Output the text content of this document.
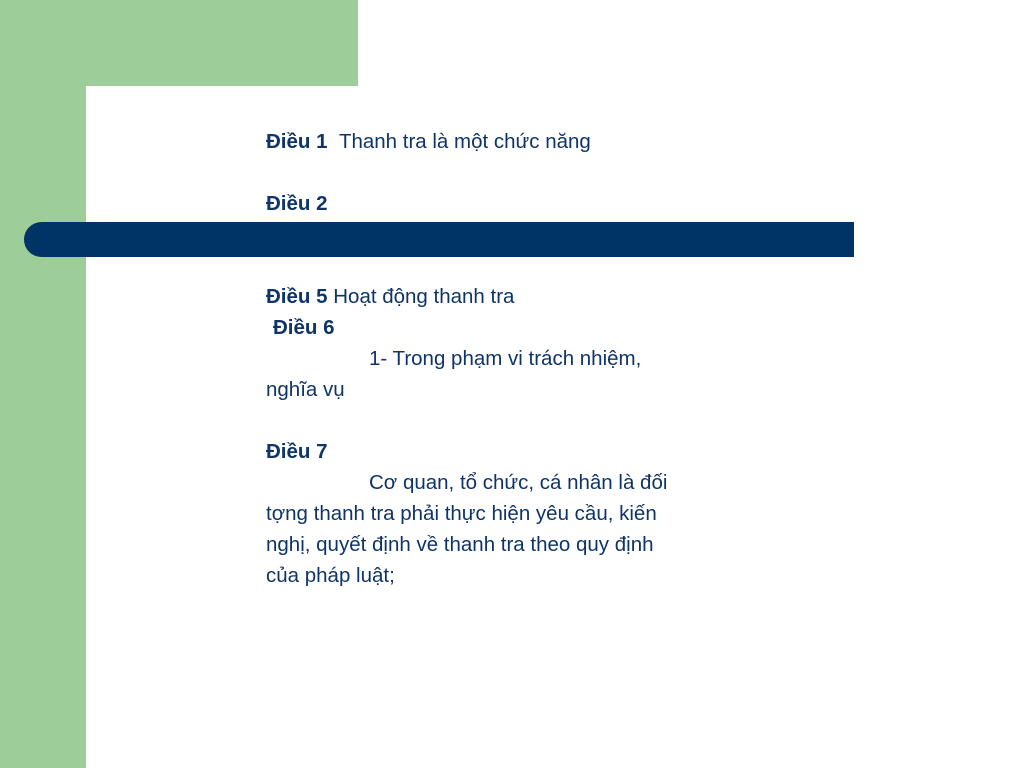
Điều 1 Thanh tra là một chức năng
Điều 2
Điều 5 Hoạt động thanh tra
Điều 6
1- Trong phạm vi trách nhiệm,
nghĩa vụ
Điều 7
Cơ quan, tổ chức, cá nhân là đối
tợng thanh tra phải thực hiện yêu cầu, kiến
nghị, quyết định về thanh tra theo quy định
của pháp luật;
